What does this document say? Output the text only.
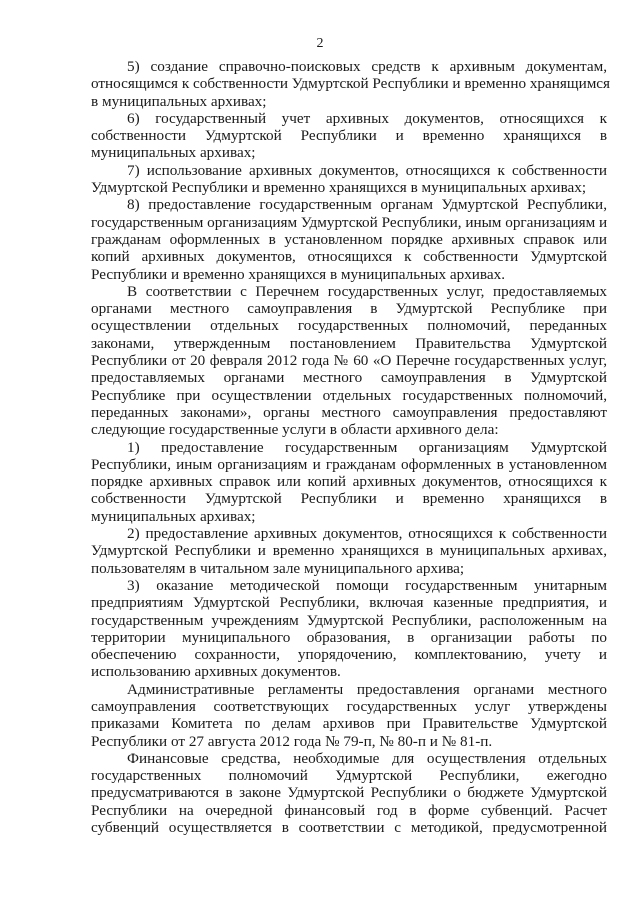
2

5) создание справочно-поисковых средств к архивным документам,
относящимся к собственности Удмуртской Республики и временно хранящимся
в муниципальных архивах;

6) государственный учет архивных документов, относящихся к
собственности Удмуртской Республики и временно хранящихся в
муниципальных архивах;

7) использование архивных документов, относящихся к собственности
Удмуртской Республики и временно хранящихся в муниципальных архивах;

8) предоставление государственным органам Удмуртской Республики,
государственным организациям Удмуртской Республики, иным организациям и
гражданам оформленных в установленном порядке архивных справок или
копий архивных документов, относящихся к собственности Удмуртской
Республики и временно хранящихся в муниципальных архивах.

В соответствии с Перечнем государственных услуг, предоставляемых
органами местного самоуправления в Удмуртской Республике при
осуществлении отдельных государственных полномочий, переданных
законами, утвержденным постановлением Правительства Удмуртской
Республики от 20 февраля 2012 года № 60 «О Перечне государственных услуг,
предоставляемых органами местного самоуправления в Удмуртской
Республике при осуществлении отдельных государственных полномочий,
переданных законами», органы местного самоуправления предоставляют
следующие государственные услуги в области архивного дела:

1) предоставление государственным организациям Удмуртской
Республики, иным организациям и гражданам оформленных в установленном
порядке архивных справок или копий архивных документов, относящихся к
собственности Удмуртской Республики и временно хранящихся в
муниципальных архивах;

2) предоставление архивных документов, относящихся к собственности
Удмуртской Республики и временно хранящихся в муниципальных архивах,
пользователям в читальном зале муниципального архива;

3) оказание методической помощи государственным унитарным
предприятиям Удмуртской Республики, включая казенные предприятия, и
государственным учреждениям Удмуртской Республики, расположенным на
территории муниципального образования, в организации работы по
обеспечению сохранности, упорядочению, комплектованию, учету и
использованию архивных документов.

Административные регламенты предоставления органами местного
самоуправления соответствующих государственных услуг утверждены
приказами Комитета по делам архивов при Правительстве Удмуртской
Республики от 27 августа 2012 года № 79-п, № 80-п и № 81-п.

Финансовые средства, необходимые для осуществления отдельных
государственных полномочий Удмуртской Республики, ежегодно
предусматриваются в законе Удмуртской Республики о бюджете Удмуртской
Республики на очередной финансовый год в форме субвенций. Расчет
субвенций осуществляется в соответствии с методикой, предусмотренной
